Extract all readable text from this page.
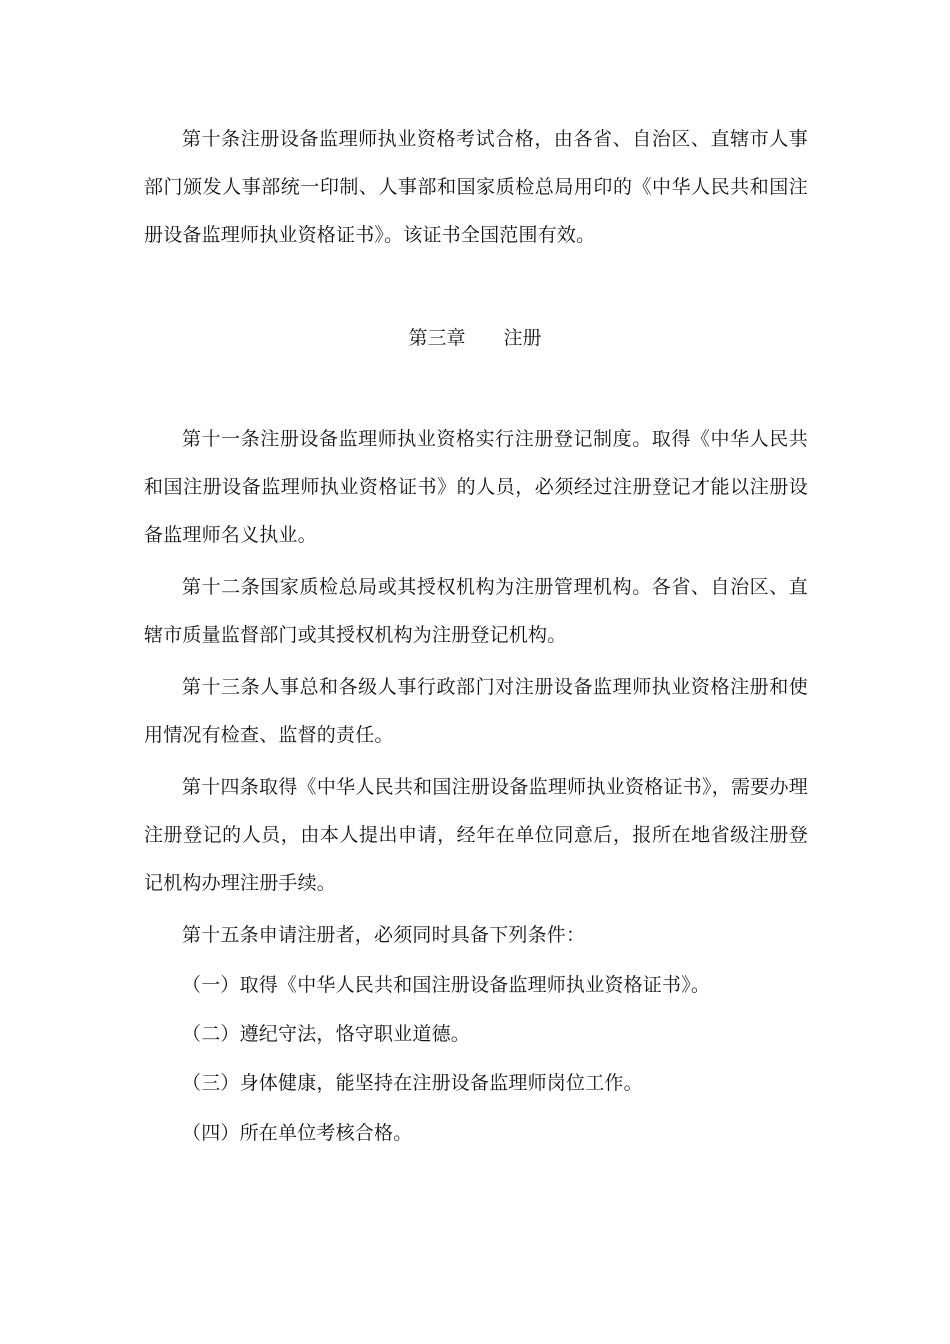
第十条注册设备监理师执业资格考试合格，由各省、自治区、直辖市人事部门颁发人事部统一印制、人事部和国家质检总局用印的《中华人民共和国注册设备监理师执业资格证书》。该证书全国范围有效。

第三章 注册

第十一条注册设备监理师执业资格实行注册登记制度。取得《中华人民共和国注册设备监理师执业资格证书》的人员，必须经过注册登记才能以注册设备监理师名义执业。

第十二条国家质检总局或其授权机构为注册管理机构。各省、自治区、直辖市质量监督部门或其授权机构为注册登记机构。

第十三条人事总和各级人事行政部门对注册设备监理师执业资格注册和使用情况有检查、监督的责任。

第十四条取得《中华人民共和国注册设备监理师执业资格证书》，需要办理注册登记的人员，由本人提出申请，经年在单位同意后，报所在地省级注册登记机构办理注册手续。

第十五条申请注册者，必须同时具备下列条件：

（一）取得《中华人民共和国注册设备监理师执业资格证书》。

（二）遵纪守法，恪守职业道德。

（三）身体健康，能坚持在注册设备监理师岗位工作。

（四）所在单位考核合格。
